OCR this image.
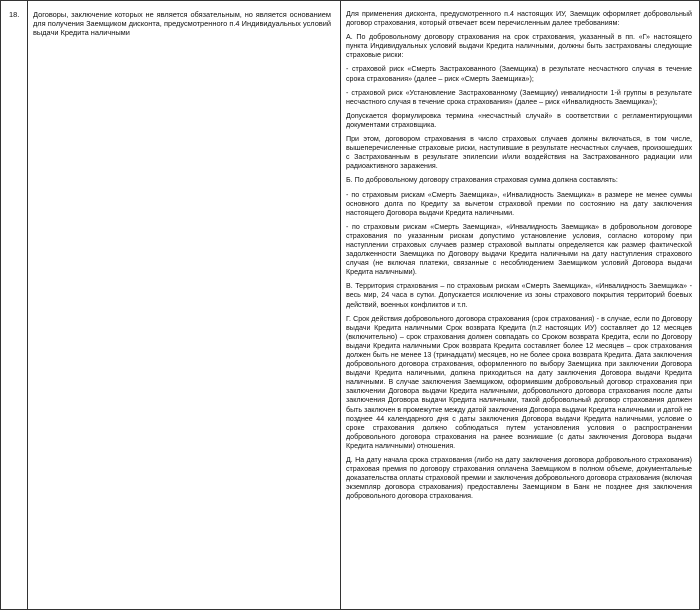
18. Договоры, заключение которых не является обязательным, но является основанием для получения Заемщиком дисконта, предусмотренного п.4 Индивидуальных условий выдачи Кредита наличными

Для применения дисконта, предусмотренного п.4 настоящих ИУ, Заемщик оформляет добровольный договор страхования, который отвечает всем перечисленным далее требованиям:

А. По добровольному договору страхования на срок страхования, указанный в пп. «Г» настоящего пункта Индивидуальных условий выдачи Кредита наличными, должны быть застрахованы следующие страховые риски:

- страховой риск «Смерть Застрахованного (Заемщика) в результате несчастного случая в течение срока страхования» (далее – риск «Смерть Заемщика»);

- страховой риск «Установление Застрахованному (Заемщику) инвалидности 1-й группы в результате несчастного случая в течение срока страхования» (далее – риск «Инвалидность Заемщика»);

Допускается формулировка термина «несчастный случай» в соответствии с регламентирующими документами страховщика.

При этом, договором страхования в число страховых случаев должны включаться, в том числе, вышеперечисленные страховые риски, наступившие в результате несчастных случаев, произошедших с Застрахованным в результате эпилепсии и/или воздействия на Застрахованного радиации или радиоактивного заражения.

Б. По добровольному договору страхования страховая сумма должна составлять:

- по страховым рискам «Смерть Заемщика», «Инвалидность Заемщика» в размере не менее суммы основного долга по Кредиту за вычетом страховой премии по состоянию на дату заключения настоящего Договора выдачи Кредита наличными.

- по страховым рискам «Смерть Заемщика», «Инвалидность Заемщика» в добровольном договоре страхования по указанным рискам допустимо установление условия, согласно которому при наступлении страховых случаев размер страховой выплаты определяется как размер фактической задолженности Заемщика по Договору выдачи Кредита наличными на дату наступления страхового случая (не включая платежи, связанные с несоблюдением Заемщиком условий Договора выдачи Кредита наличными).

В. Территория страхования – по страховым рискам «Смерть Заемщика», «Инвалидность Заемщика» - весь мир, 24 часа в сутки. Допускается исключение из зоны страхового покрытия территорий боевых действий, военных конфликтов и т.п.

Г. Срок действия добровольного договора страхования (срок страхования) - в случае, если по Договору выдачи Кредита наличными Срок возврата Кредита (п.2 настоящих ИУ) составляет до 12 месяцев (включительно) – срок страхования должен совпадать со Сроком возврата Кредита, если по Договору выдачи Кредита наличными Срок возврата Кредита составляет более 12 месяцев – срок страхования должен быть не менее 13 (тринадцати) месяцев, но не более срока возврата Кредита. Дата заключения добровольного договора страхования, оформленного по выбору Заемщика при заключении Договора выдачи Кредита наличными, должна приходиться на дату заключения Договора выдачи Кредита наличными. В случае заключения Заемщиком, оформившим добровольный договор страхования при заключении Договора выдачи Кредита наличными, добровольного договора страхования после даты заключения Договора выдачи Кредита наличными, такой добровольный договор страхования должен быть заключен в промежутке между датой заключения Договора выдачи Кредита наличными и датой не позднее 44 календарного дня с даты заключения Договора выдачи Кредита наличными, условие о сроке страхования должно соблюдаться путем установления условия о распространении добровольного договора страхования на ранее возникшие (с даты заключения Договора выдачи Кредита наличными) отношения.

Д. На дату начала срока страхования (либо на дату заключения договора добровольного страхования) страховая премия по договору страхования оплачена Заемщиком в полном объеме, документальные доказательства оплаты страховой премии и заключения добровольного договора страхования (включая экземпляр договора страхования) предоставлены Заемщиком в Банк не позднее дня заключения добровольного договора страхования.
